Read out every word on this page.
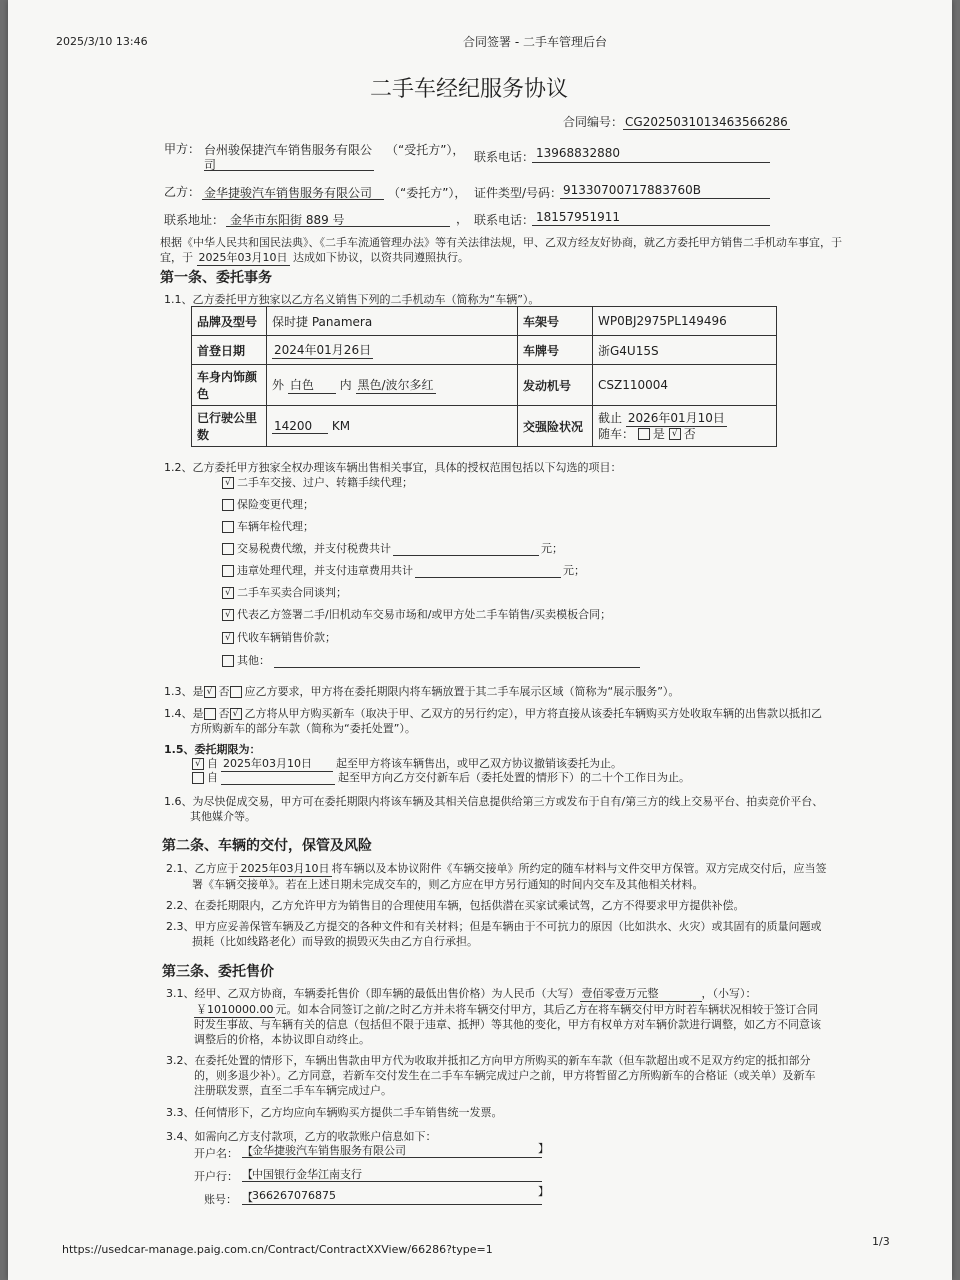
2025/3/10 13:46	合同签署 - 二手车管理后台
二手车经纪服务协议
合同编号： CG2025031013463566286
甲方： 台州骏保捷汽车销售服务有限公
司
（“受托方”）， 联系电话： 13968832880
乙方： 金华捷骏汽车销售服务有限公司 （“委托方”）， 证件类型/号码： 91330700717883760B
联系地址： 金华市东阳街 889 号	， 联系电话： 18157951911
根据《中华人民共和国民法典》、《二手车流通管理办法》等有关法律法规，甲、乙双方经友好协商，就乙方委托甲方销售二手机动车事宜，于
宜，于 2025年03月10日 达成如下协议，以资共同遵照执行。
第一条、委托事务
1.1、乙方委托甲方独家以乙方名义销售下列的二手机动车（简称为“车辆”）。
品牌及型号	保时捷 Panamera	车架号	WP0BJ2975PL149496
首登日期	2024年01月26日	车牌号	浙G4U15S
车身内饰颜色	外 白色 内 黑色/波尔多红	发动机号	CSZ110004
已行驶公里数	14200 KM	交强险状况	截止 2026年01月10日
随车： 是 √ 否
1.2、乙方委托甲方独家全权办理该车辆出售相关事宜，具体的授权范围包括以下勾选的项目：
√ 二手车交接、过户、转籍手续代理；
保险变更代理；
车辆年检代理；
交易税费代缴，并支付税费共计	元；
违章处理代理，并支付违章费用共计	元；
√ 二手车买卖合同谈判；
√ 代表乙方签署二手/旧机动车交易市场和/或甲方处二手车销售/买卖模板合同；
√ 代收车辆销售价款；
其他：
1.3、是 √ 否 应乙方要求，甲方将在委托期限内将车辆放置于其二手车展示区域（简称为“展示服务”）。
1.4、是 否 √ 乙方将从甲方购买新车（取决于甲、乙双方的另行约定），甲方将直接从该委托车辆购买方处收取车辆的出售款以抵扣乙
方所购新车的部分车款（简称为“委托处置”）。
1.5、委托期限为：
√ 自 2025年03月10日 起至甲方将该车辆售出，或甲乙双方协议撤销该委托为止。
自	起至甲方向乙方交付新车后（委托处置的情形下）的二十个工作日为止。
1.6、为尽快促成交易，甲方可在委托期限内将该车辆及其相关信息提供给第三方或发布于自有/第三方的线上交易平台、拍卖竞价平台、
其他媒介等。
第二条、车辆的交付，保管及风险
2.1、乙方应于 2025年03月10日 将车辆以及本协议附件《车辆交接单》所约定的随车材料与文件交甲方保管。双方完成交付后，应当签
署《车辆交接单》。若在上述日期未完成交车的，则乙方应在甲方另行通知的时间内交车及其他相关材料。
2.2、在委托期限内，乙方允许甲方为销售目的合理使用车辆，包括供潜在买家试乘试驾，乙方不得要求甲方提供补偿。
2.3、甲方应妥善保管车辆及乙方提交的各种文件和有关材料；但是车辆由于不可抗力的原因（比如洪水、火灾）或其固有的质量问题或
损耗（比如线路老化）而导致的损毁灭失由乙方自行承担。
第三条、委托售价
3.1、经甲、乙双方协商，车辆委托售价（即车辆的最低出售价格）为人民币（大写） 壹佰零壹万元整	，（小写）：
￥1010000.00 元。如本合同签订之前/之时乙方并未将车辆交付甲方，其后乙方在将车辆交付甲方时若车辆状况相较于签订合同
时发生事故、与车辆有关的信息（包括但不限于违章、抵押）等其他的变化，甲方有权单方对车辆价款进行调整，如乙方不同意该
调整后的价格，本协议即自动终止。
3.2、在委托处置的情形下，车辆出售款由甲方代为收取并抵扣乙方向甲方所购买的新车车款（但车款超出或不足双方约定的抵扣部分
的，则多退少补）。乙方同意，若新车交付发生在二手车车辆完成过户之前，甲方将暂留乙方所购新车的合格证（或关单）及新车
注册联发票，直至二手车车辆完成过户。
3.3、任何情形下，乙方均应向车辆购买方提供二手车销售统一发票。
3.4、如需向乙方支付款项，乙方的收款账户信息如下：
开户名： 【 金华捷骏汽车销售服务有限公司	】
开户行： 【 中国银行金华江南支行
账号： 【 366267076875	】
https://usedcar-manage.paig.com.cn/Contract/ContractXXView/66286?type=1
1/3
